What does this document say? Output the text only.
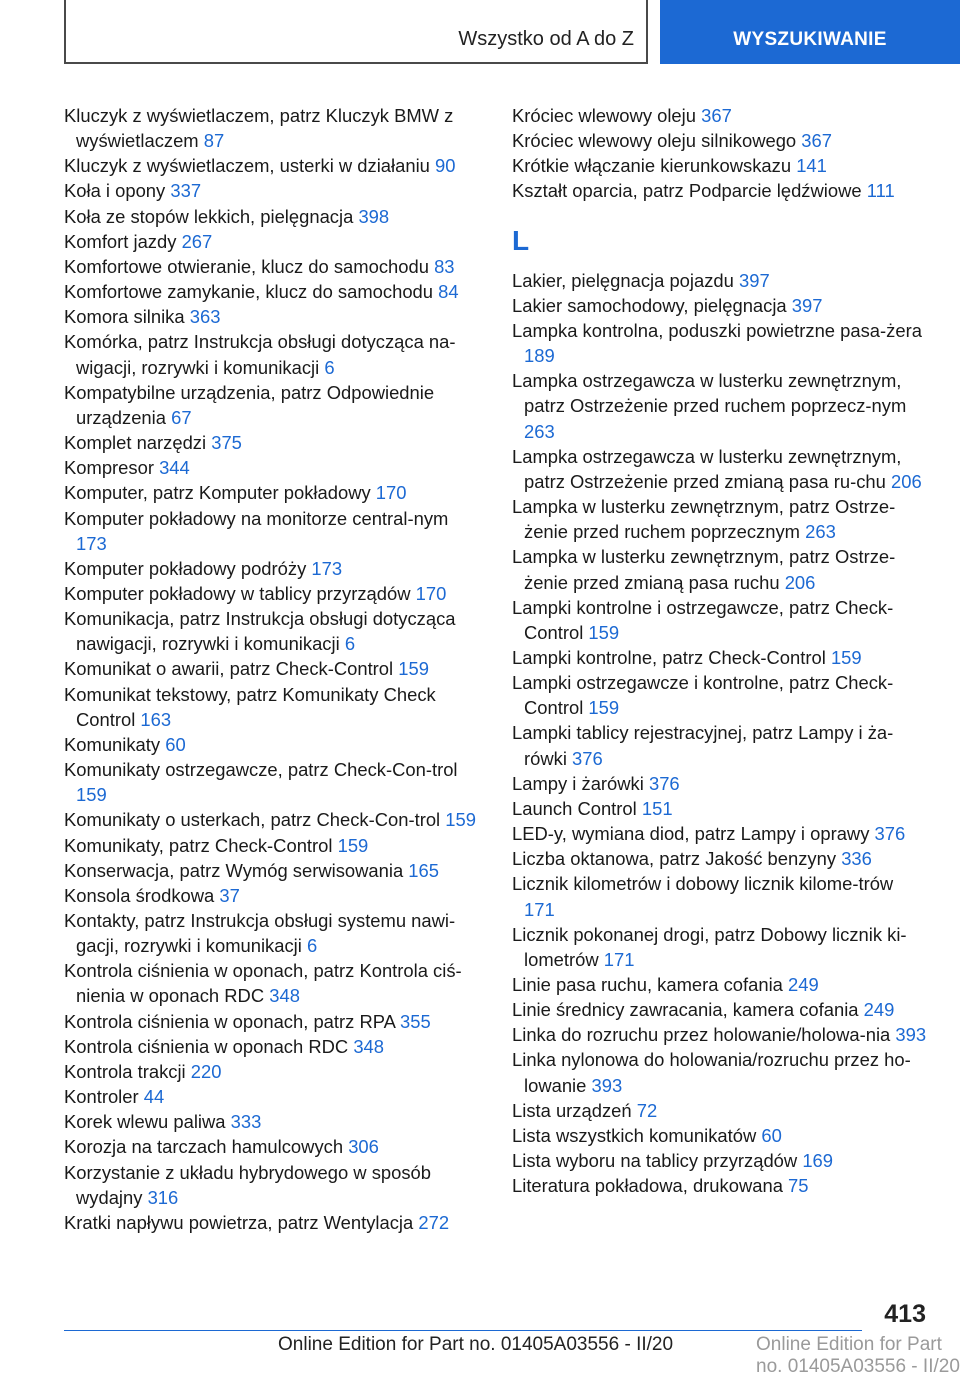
Wszystko od A do Z	WYSZUKIWANIE
Kluczyk z wyświetlaczem, patrz Kluczyk BMW z wyświetlaczem 87
Kluczyk z wyświetlaczem, usterki w działaniu 90
Koła i opony 337
Koła ze stopów lekkich, pielęgnacja 398
Komfort jazdy 267
Komfortowe otwieranie, klucz do samochodu 83
Komfortowe zamykanie, klucz do samochodu 84
Komora silnika 363
Komórka, patrz Instrukcja obsługi dotycząca na-wigacji, rozrywki i komunikacji 6
Kompatybilne urządzenia, patrz Odpowiednie urządzenia 67
Komplet narzędzi 375
Kompresor 344
Komputer, patrz Komputer pokładowy 170
Komputer pokładowy na monitorze central-nym 173
Komputer pokładowy podróży 173
Komputer pokładowy w tablicy przyrządów 170
Komunikacja, patrz Instrukcja obsługi dotycząca nawigacji, rozrywki i komunikacji 6
Komunikat o awarii, patrz Check-Control 159
Komunikat tekstowy, patrz Komunikaty Check Control 163
Komunikaty 60
Komunikaty ostrzegawcze, patrz Check-Con-trol 159
Komunikaty o usterkach, patrz Check-Con-trol 159
Komunikaty, patrz Check-Control 159
Konserwacja, patrz Wymóg serwisowania 165
Konsola środkowa 37
Kontakty, patrz Instrukcja obsługi systemu nawi-gacji, rozrywki i komunikacji 6
Kontrola ciśnienia w oponach, patrz Kontrola ciś-nienia w oponach RDC 348
Kontrola ciśnienia w oponach, patrz RPA 355
Kontrola ciśnienia w oponach RDC 348
Kontrola trakcji 220
Kontroler 44
Korek wlewu paliwa 333
Korozja na tarczach hamulcowych 306
Korzystanie z układu hybrydowego w sposób wydajny 316
Kratki napływu powietrza, patrz Wentylacja 272
Króciec wlewowy oleju 367
Króciec wlewowy oleju silnikowego 367
Krótkie włączanie kierunkowskazu 141
Kształt oparcia, patrz Podparcie lędźwiowe 111
L
Lakier, pielęgnacja pojazdu 397
Lakier samochodowy, pielęgnacja 397
Lampka kontrolna, poduszki powietrzne pasa-żera 189
Lampka ostrzegawcza w lusterku zewnętrznym, patrz Ostrzeżenie przed ruchem poprzecz-nym 263
Lampka ostrzegawcza w lusterku zewnętrznym, patrz Ostrzeżenie przed zmianą pasa ru-chu 206
Lampka w lusterku zewnętrznym, patrz Ostrze-żenie przed ruchem poprzecznym 263
Lampka w lusterku zewnętrznym, patrz Ostrze-żenie przed zmianą pasa ruchu 206
Lampki kontrolne i ostrzegawcze, patrz Check-Control 159
Lampki kontrolne, patrz Check-Control 159
Lampki ostrzegawcze i kontrolne, patrz Check-Control 159
Lampki tablicy rejestracyjnej, patrz Lampy i ża-rówki 376
Lampy i żarówki 376
Launch Control 151
LED-y, wymiana diod, patrz Lampy i oprawy 376
Liczba oktanowa, patrz Jakość benzyny 336
Licznik kilometrów i dobowy licznik kilome-trów 171
Licznik pokonanej drogi, patrz Dobowy licznik ki-lometrów 171
Linie pasa ruchu, kamera cofania 249
Linie średnicy zawracania, kamera cofania 249
Linka do rozruchu przez holowanie/holowa-nia 393
Linka nylonowa do holowania/rozruchu przez ho-lowanie 393
Lista urządzeń 72
Lista wszystkich komunikatów 60
Lista wyboru na tablicy przyrządów 169
Literatura pokładowa, drukowana 75
413
Online Edition for Part no. 01405A03556 - II/20	Online Edition for Part no. 01405A03556 - II/20
